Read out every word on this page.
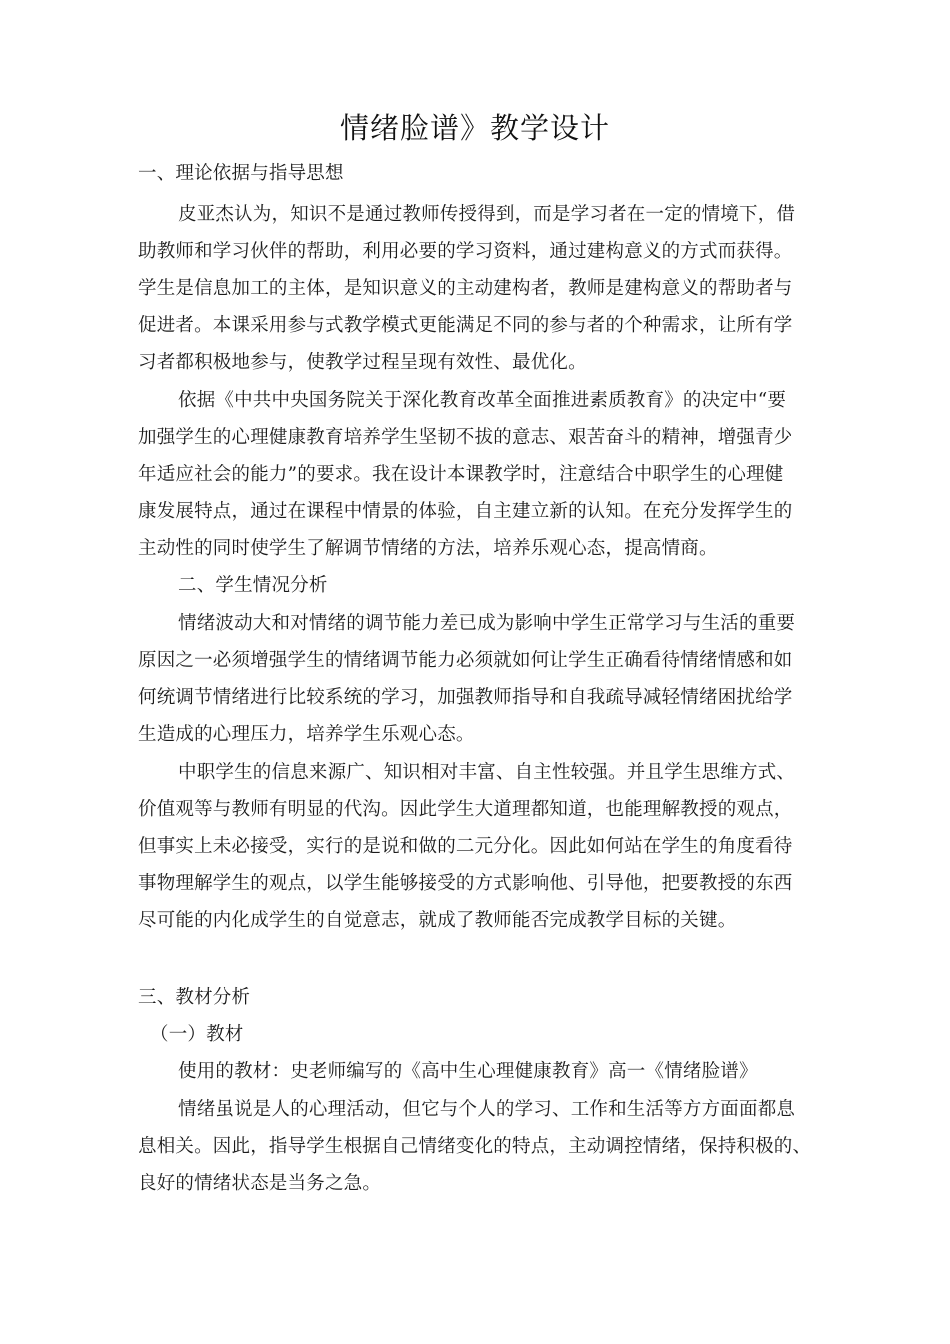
情绪脸谱》教学设计
一、理论依据与指导思想
皮亚杰认为，知识不是通过教师传授得到，而是学习者在一定的情境下，借
助教师和学习伙伴的帮助，利用必要的学习资料，通过建构意义的方式而获得。
学生是信息加工的主体，是知识意义的主动建构者，教师是建构意义的帮助者与
促进者。本课采用参与式教学模式更能满足不同的参与者的个种需求，让所有学
习者都积极地参与，使教学过程呈现有效性、最优化。
依据《中共中央国务院关于深化教育改革全面推进素质教育》的决定中“要
加强学生的心理健康教育培养学生坚韧不拔的意志、艰苦奋斗的精神，增强青少
年适应社会的能力”的要求。我在设计本课教学时，注意结合中职学生的心理健
康发展特点，通过在课程中情景的体验，自主建立新的认知。在充分发挥学生的
主动性的同时使学生了解调节情绪的方法，培养乐观心态，提高情商。
二、学生情况分析
情绪波动大和对情绪的调节能力差已成为影响中学生正常学习与生活的重要
原因之一必须增强学生的情绪调节能力必须就如何让学生正确看待情绪情感和如
何统调节情绪进行比较系统的学习，加强教师指导和自我疏导减轻情绪困扰给学
生造成的心理压力，培养学生乐观心态。
中职学生的信息来源广、知识相对丰富、自主性较强。并且学生思维方式、
价值观等与教师有明显的代沟。因此学生大道理都知道，也能理解教授的观点，
但事实上未必接受，实行的是说和做的二元分化。因此如何站在学生的角度看待
事物理解学生的观点，以学生能够接受的方式影响他、引导他，把要教授的东西
尽可能的内化成学生的自觉意志，就成了教师能否完成教学目标的关键。
三、教材分析
（一）教材
使用的教材：史老师编写的《高中生心理健康教育》高一《情绪脸谱》
情绪虽说是人的心理活动，但它与个人的学习、工作和生活等方方面面都息
息相关。因此，指导学生根据自己情绪变化的特点，主动调控情绪，保持积极的、
良好的情绪状态是当务之急。
